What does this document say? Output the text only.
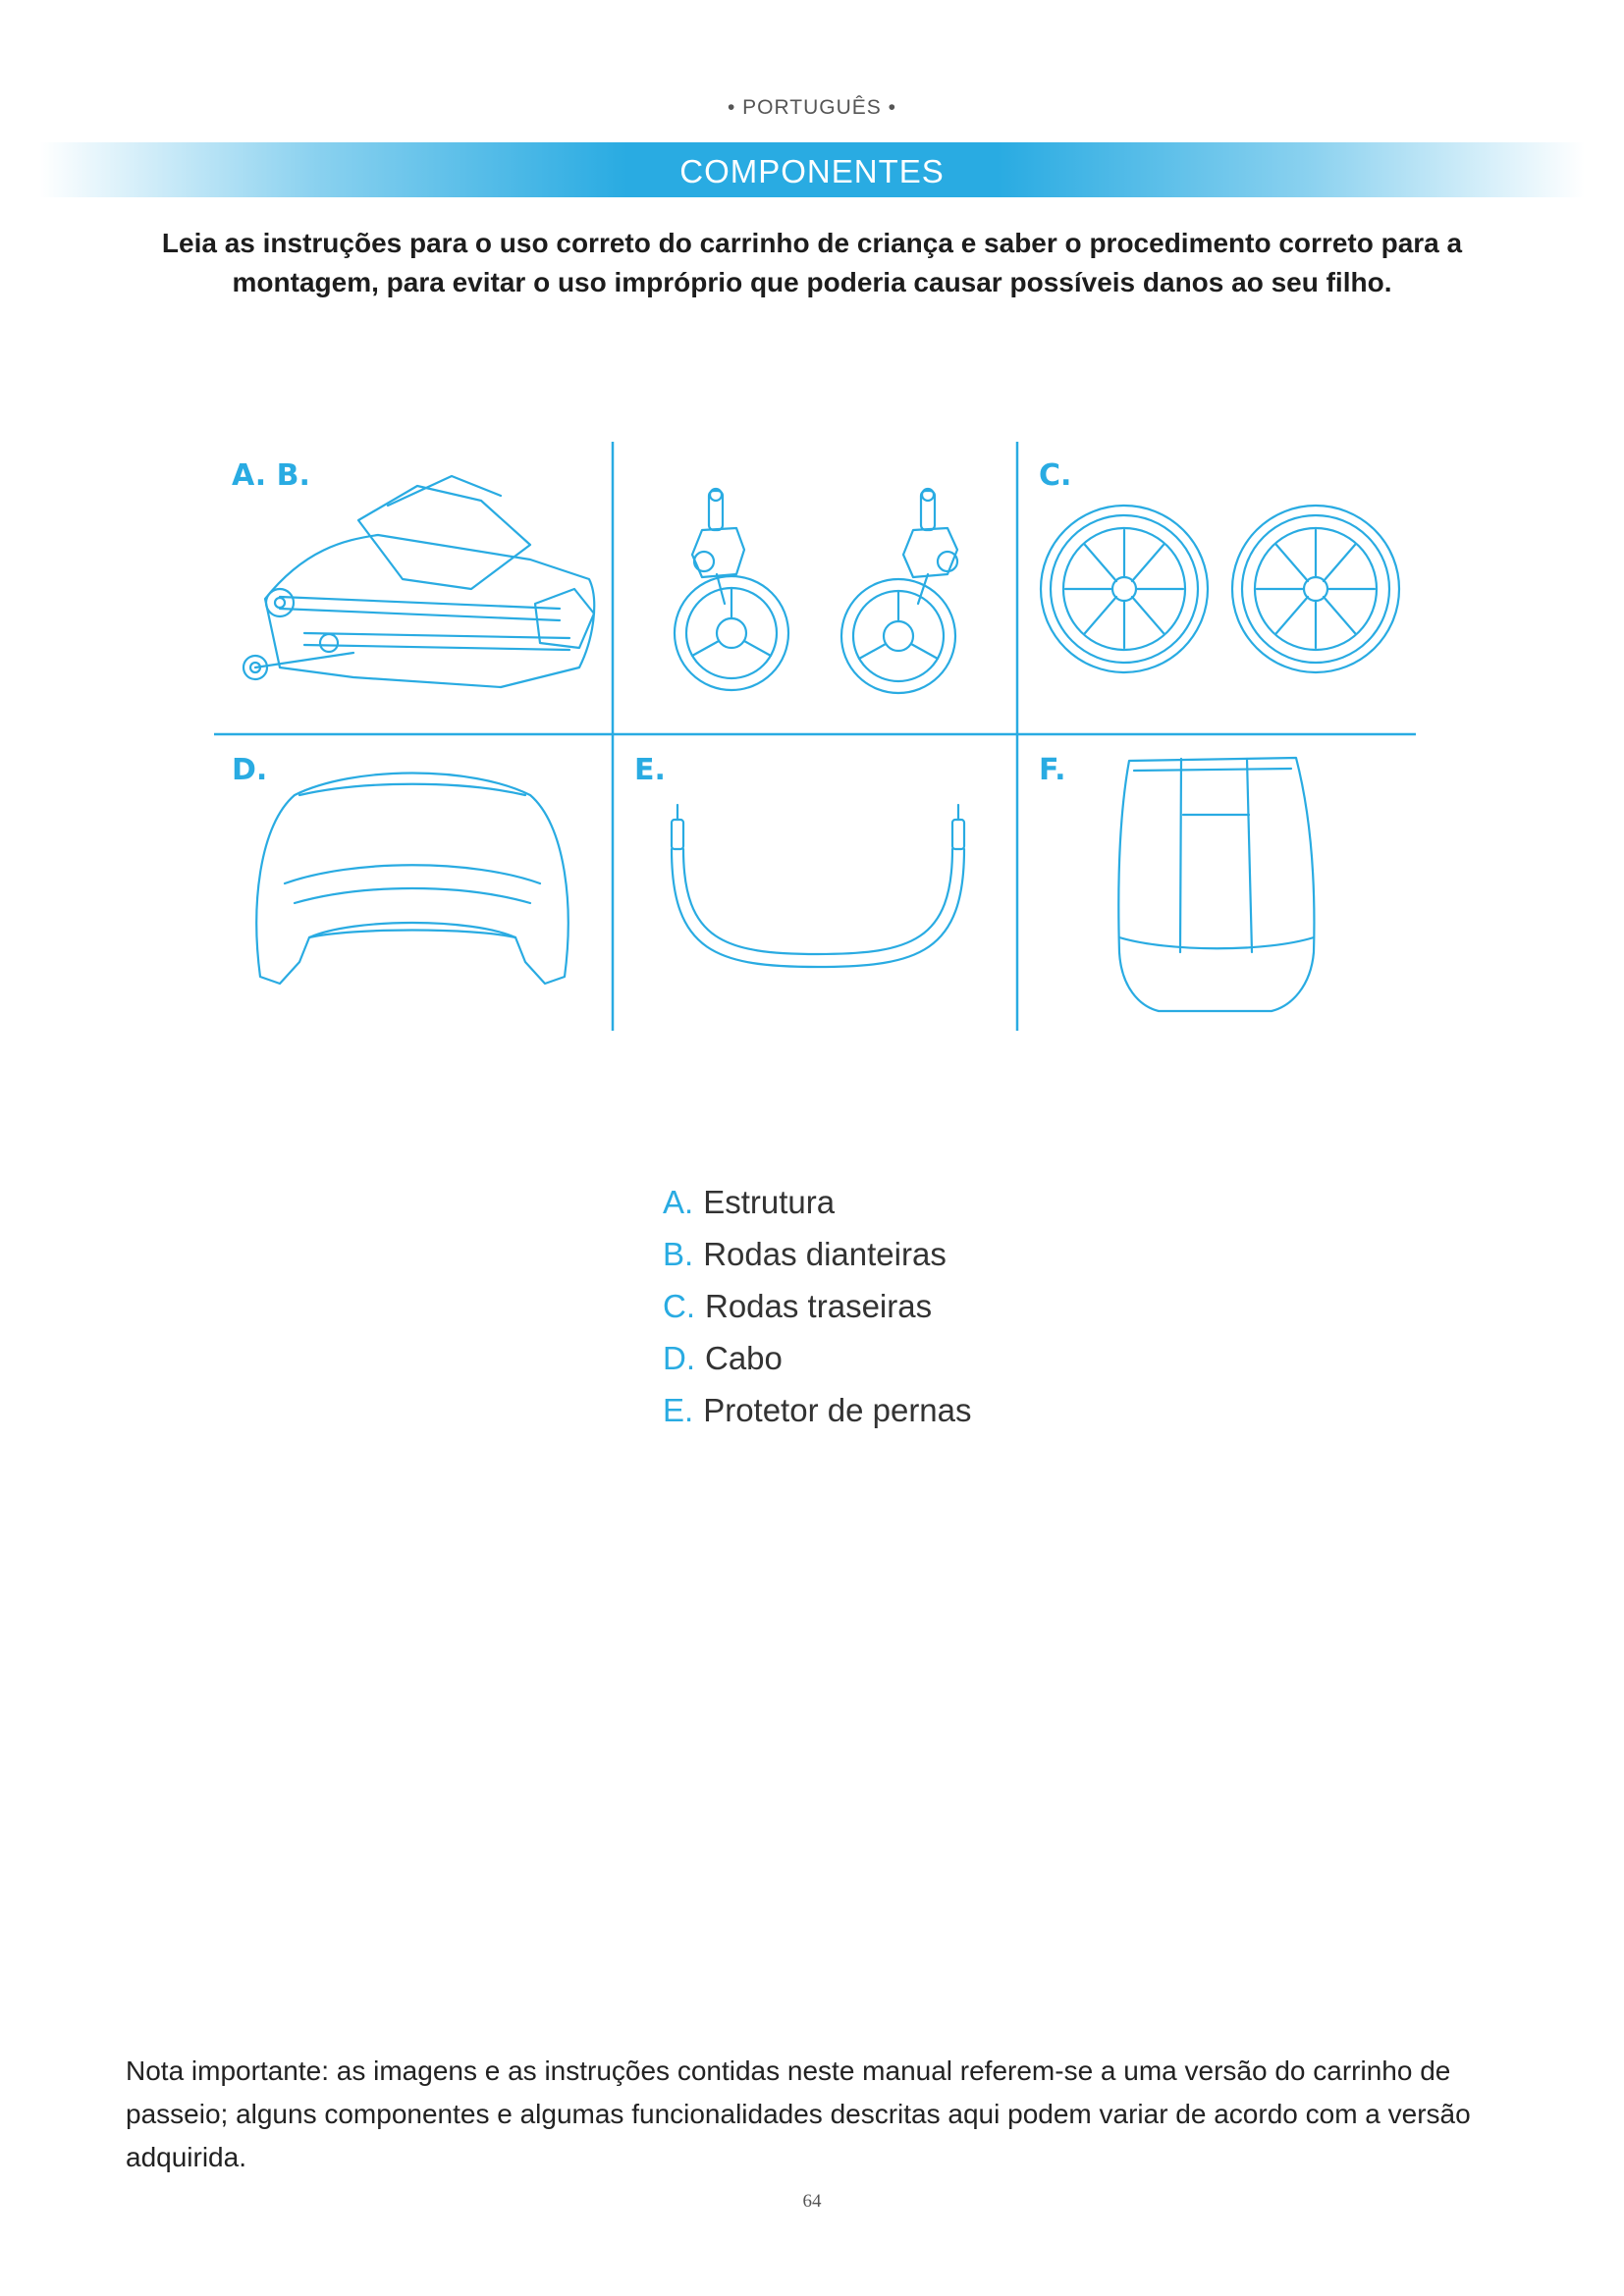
• PORTUGUÊS •
COMPONENTES
Leia as instruções para o uso correto do carrinho de criança e saber o procedimento correto para a montagem, para evitar o uso impróprio que poderia causar possíveis danos ao seu filho.
A. B.	C.
D.	E.	F.
A. Estrutura
B. Rodas dianteiras
C. Rodas traseiras
D. Cabo
E. Protetor de pernas
Nota importante: as imagens e as instruções contidas neste manual referem-se a uma versão do carrinho de passeio; alguns componentes e algumas funcionalidades descritas aqui podem variar de acordo com a versão adquirida.
64
